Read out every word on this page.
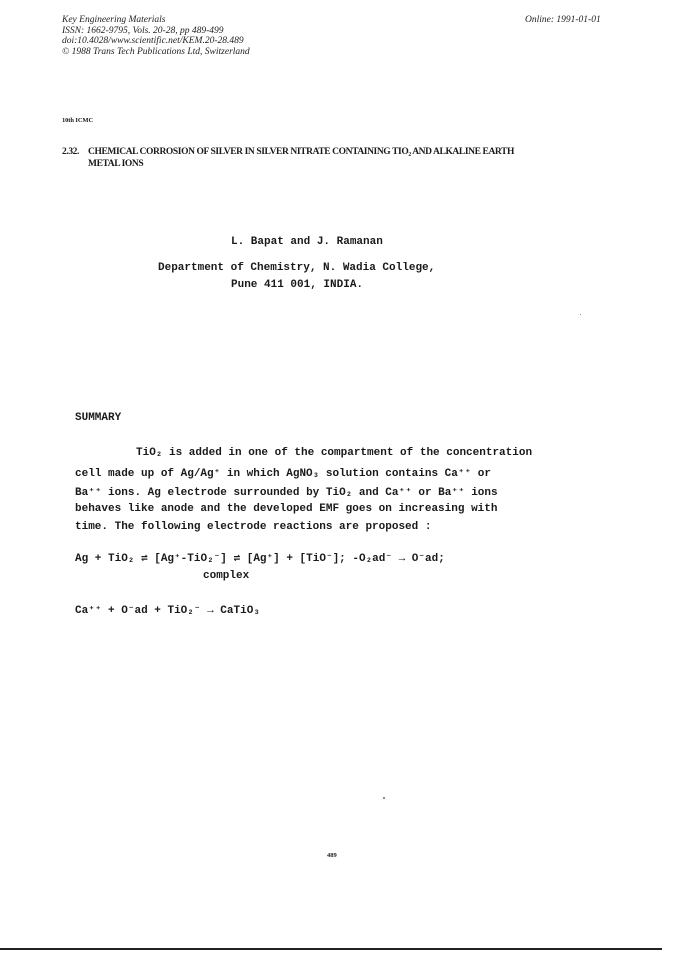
Key Engineering Materials
ISSN: 1662-9795, Vols. 20-28, pp 489-499
doi:10.4028/www.scientific.net/KEM.20-28.489
© 1988 Trans Tech Publications Ltd, Switzerland
Online: 1991-01-01
10th ICMC
2.32. CHEMICAL CORROSION OF SILVER IN SILVER NITRATE CONTAINING TIO₂ AND ALKALINE EARTH
METAL IONS
L. Bapat and J. Ramanan
Department of Chemistry, N. Wadia College,
Pune 411 001, INDIA.
SUMMARY
TiO₂ is added in one of the compartment of the concentration
cell made up of Ag/Ag⁺ in which AgNO₃ solution contains Ca⁺⁺ or
Ba⁺⁺ ions. Ag electrode surrounded by TiO₂ and Ca⁺⁺ or Ba⁺⁺ ions
behaves like anode and the developed EMF goes on increasing with
time. The following electrode reactions are proposed :
Ag + TiO₂ ⇌ [Ag⁺-TiO₂⁻] ⇌ [Ag⁺] + [TiO⁻]; -O₂ad⁻ → O⁻ad;
complex
Ca⁺⁺ + O⁻ad + TiO₂⁻ → CaTiO₃
489
